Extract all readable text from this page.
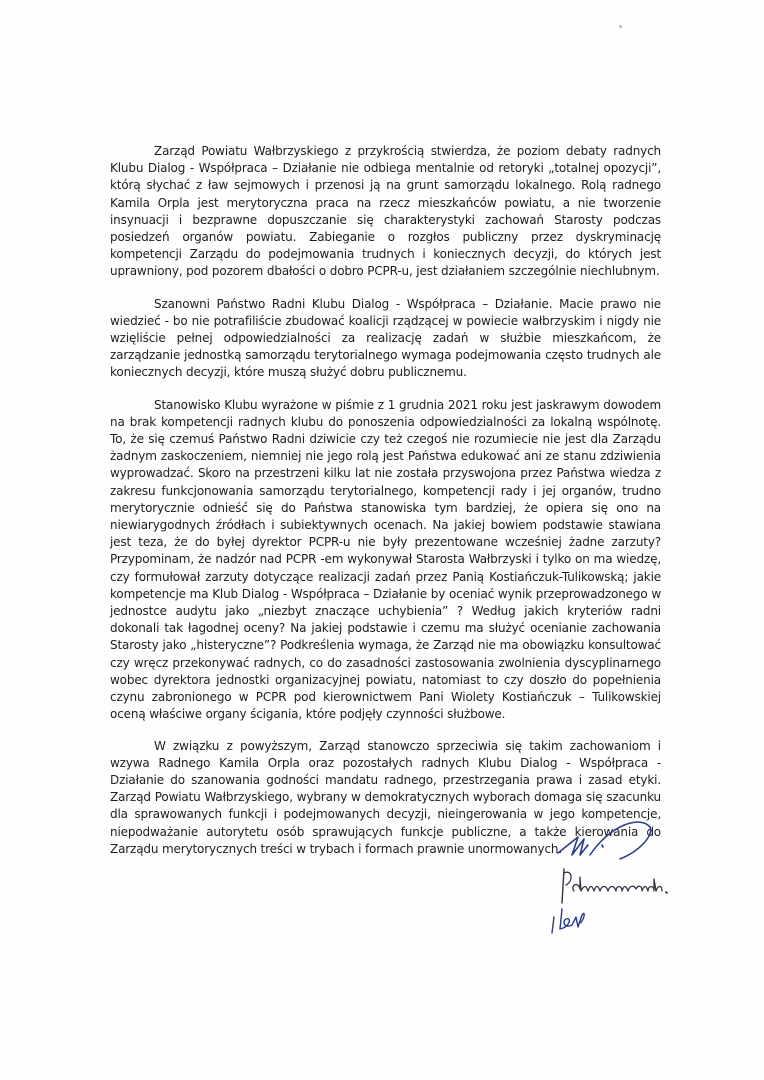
Zarząd Powiatu Wałbrzyskiego z przykrością stwierdza, że poziom debaty radnych Klubu Dialog - Współpraca – Działanie nie odbiega mentalnie od retoryki „totalnej opozycji”, którą słychać z ław sejmowych i przenosi ją na grunt samorządu lokalnego. Rolą radnego Kamila Orpla jest merytoryczna praca na rzecz mieszkańców powiatu, a nie tworzenie insynuacji i bezprawne dopuszczanie się charakterystyki zachowań Starosty podczas posiedzeń organów powiatu. Zabieganie o rozgłos publiczny przez dyskryminację kompetencji Zarządu do podejmowania trudnych i koniecznych decyzji, do których jest uprawniony, pod pozorem dbałości o dobro PCPR-u, jest działaniem szczególnie niechlubnym.

Szanowni Państwo Radni Klubu Dialog - Współpraca – Działanie. Macie prawo nie wiedzieć - bo nie potrafiliście zbudować koalicji rządzącej w powiecie wałbrzyskim i nigdy nie wzięliście pełnej odpowiedzialności za realizację zadań w służbie mieszkańcom, że zarządzanie jednostką samorządu terytorialnego wymaga podejmowania często trudnych ale koniecznych decyzji, które muszą służyć dobru publicznemu.

Stanowisko Klubu wyrażone w piśmie z 1 grudnia 2021 roku jest jaskrawym dowodem na brak kompetencji radnych klubu do ponoszenia odpowiedzialności za lokalną wspólnotę. To, że się czemuś Państwo Radni dziwicie czy też czegoś nie rozumiecie nie jest dla Zarządu żadnym zaskoczeniem, niemniej nie jego rolą jest Państwa edukować ani ze stanu zdziwienia wyprowadzać. Skoro na przestrzeni kilku lat nie została przyswojona przez Państwa wiedza z zakresu funkcjonowania samorządu terytorialnego, kompetencji rady i jej organów, trudno merytorycznie odnieść się do Państwa stanowiska tym bardziej, że opiera się ono na niewiarygodnych źródłach i subiektywnych ocenach. Na jakiej bowiem podstawie stawiana jest teza, że do byłej dyrektor PCPR-u nie były prezentowane wcześniej żadne zarzuty? Przypominam, że nadzór nad PCPR -em wykonywał Starosta Wałbrzyski i tylko on ma wiedzę, czy formułował zarzuty dotyczące realizacji zadań przez Panią Kostiańczuk-Tulikowską; jakie kompetencje ma Klub Dialog - Współpraca – Działanie by oceniać wynik przeprowadzonego w jednostce audytu jako „niezbyt znaczące uchybienia” ? Według jakich kryteriów radni dokonali tak łagodnej oceny? Na jakiej podstawie i czemu ma służyć ocenianie zachowania Starosty jako „histeryczne”? Podkreślenia wymaga, że Zarząd nie ma obowiązku konsultować czy wręcz przekonywać radnych, co do zasadności zastosowania zwolnienia dyscyplinarnego wobec dyrektora jednostki organizacyjnej powiatu, natomiast to czy doszło do popełnienia czynu zabronionego w PCPR pod kierownictwem Pani Wiolety Kostiańczuk – Tulikowskiej oceną właściwe organy ścigania, które podjęły czynności służbowe.

W związku z powyższym, Zarząd stanowczo sprzeciwia się takim zachowaniom i wzywa Radnego Kamila Orpla oraz pozostałych radnych Klubu Dialog - Współpraca - Działanie do szanowania godności mandatu radnego, przestrzegania prawa i zasad etyki. Zarząd Powiatu Wałbrzyskiego, wybrany w demokratycznych wyborach domaga się szacunku dla sprawowanych funkcji i podejmowanych decyzji, nieingerowania w jego kompetencje, niepodważanie autorytetu osób sprawujących funkcje publiczne, a także kierowania do Zarządu merytorycznych treści w trybach i formach prawnie unormowanych.
